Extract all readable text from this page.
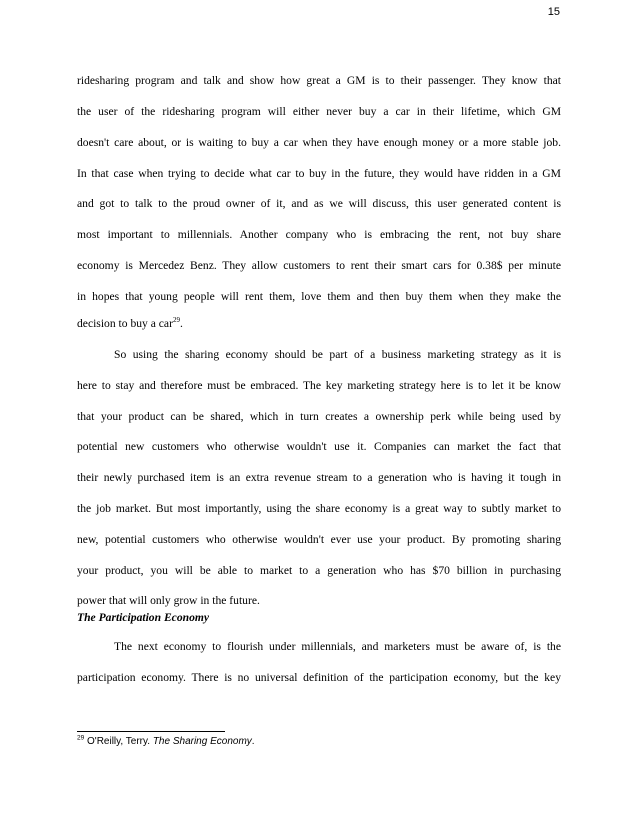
15
ridesharing program and talk and show how great a GM is to their passenger. They know that
the user of the ridesharing program will either never buy a car in their lifetime, which GM
doesn't care about, or is waiting to buy a car when they have enough money or a more stable job.
In that case when trying to decide what car to buy in the future, they would have ridden in a GM
and got to talk to the proud owner of it, and as we will discuss, this user generated content is
most important to millennials. Another company who is embracing the rent, not buy share
economy is Mercedez Benz. They allow customers to rent their smart cars for 0.38$ per minute
in hopes that young people will rent them, love them and then buy them when they make the
decision to buy a car$^{29}$.
So using the sharing economy should be part of a business marketing strategy as it is
here to stay and therefore must be embraced. The key marketing strategy here is to let it be know
that your product can be shared, which in turn creates a ownership perk while being used by
potential new customers who otherwise wouldn't use it. Companies can market the fact that
their newly purchased item is an extra revenue stream to a generation who is having it tough in
the job market. But most importantly, using the share economy is a great way to subtly market to
new, potential customers who otherwise wouldn't ever use your product. By promoting sharing
your product, you will be able to market to a generation who has $70 billion in purchasing
power that will only grow in the future.
The Participation Economy
The next economy to flourish under millennials, and marketers must be aware of, is the
participation economy. There is no universal definition of the participation economy, but the key
$^{29}$ O'Reilly, Terry. The Sharing Economy.
